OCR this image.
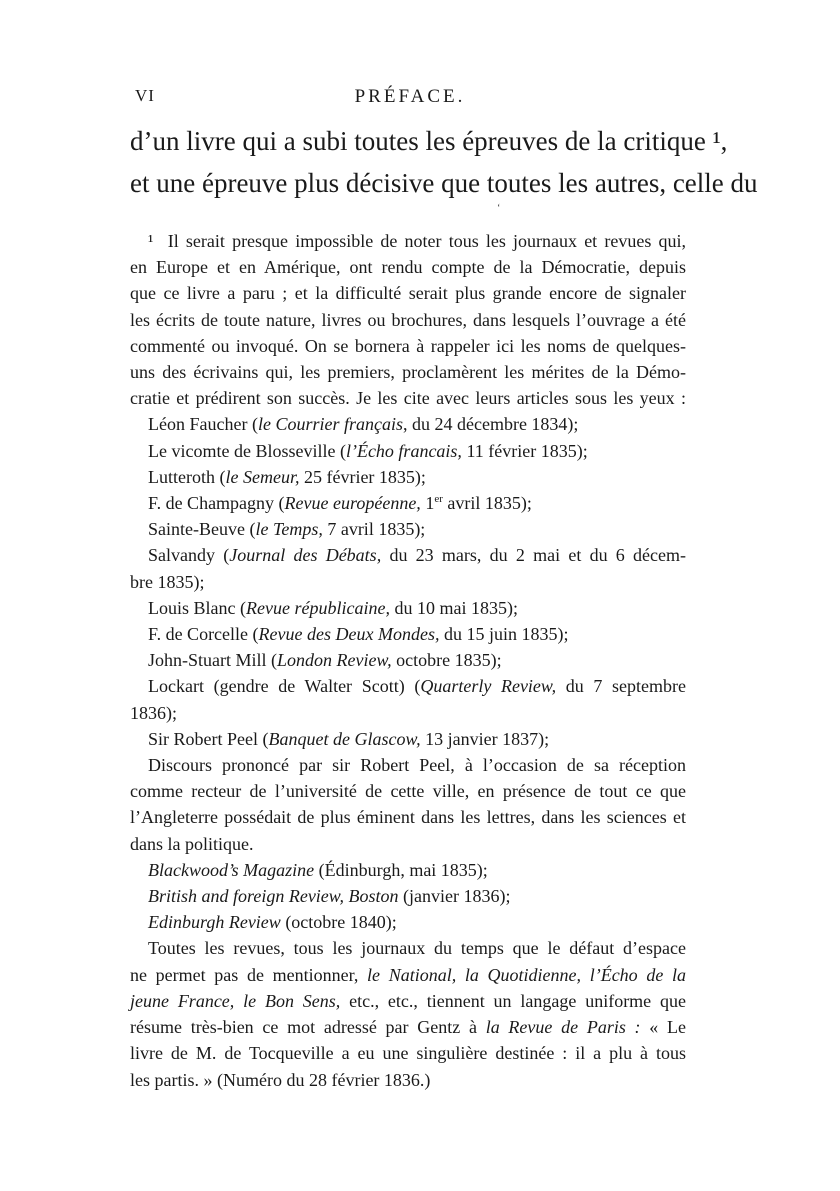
VI	PRÉFACE.
d’un livre qui a subi toutes les épreuves de la critique ¹,
et une épreuve plus décisive que toutes les autres, celle du
‘
¹ Il serait presque impossible de noter tous les journaux et revues qui,
en Europe et en Amérique, ont rendu compte de la Démocratie, depuis
que ce livre a paru ; et la difficulté serait plus grande encore de signaler
les écrits de toute nature, livres ou brochures, dans lesquels l’ouvrage a été
commenté ou invoqué. On se bornera à rappeler ici les noms de quelques-
uns des écrivains qui, les premiers, proclamèrent les mérites de la Démo-
cratie et prédirent son succès. Je les cite avec leurs articles sous les yeux :
Léon Faucher (le Courrier français, du 24 décembre 1834);
Le vicomte de Blosseville (l’Écho francais, 11 février 1835);
Lutteroth (le Semeur, 25 février 1835);
F. de Champagny (Revue européenne, 1er avril 1835);
Sainte-Beuve (le Temps, 7 avril 1835);
Salvandy (Journal des Débats, du 23 mars, du 2 mai et du 6 décem-
bre 1835);
Louis Blanc (Revue républicaine, du 10 mai 1835);
F. de Corcelle (Revue des Deux Mondes, du 15 juin 1835);
John-Stuart Mill (London Review, octobre 1835);
Lockart (gendre de Walter Scott) (Quarterly Review, du 7 septembre
1836);
Sir Robert Peel (Banquet de Glascow, 13 janvier 1837);
Discours prononcé par sir Robert Peel, à l’occasion de sa réception
comme recteur de l’université de cette ville, en présence de tout ce que
l’Angleterre possédait de plus éminent dans les lettres, dans les sciences et
dans la politique.
Blackwood’s Magazine (Édinburgh, mai 1835);
British and foreign Review, Boston (janvier 1836);
Edinburgh Review (octobre 1840);
Toutes les revues, tous les journaux du temps que le défaut d’espace
ne permet pas de mentionner, le National, la Quotidienne, l’Écho de la
jeune France, le Bon Sens, etc., etc., tiennent un langage uniforme que
résume très-bien ce mot adressé par Gentz à la Revue de Paris : « Le
livre de M. de Tocqueville a eu une singulière destinée : il a plu à tous
les partis. » (Numéro du 28 février 1836.)
